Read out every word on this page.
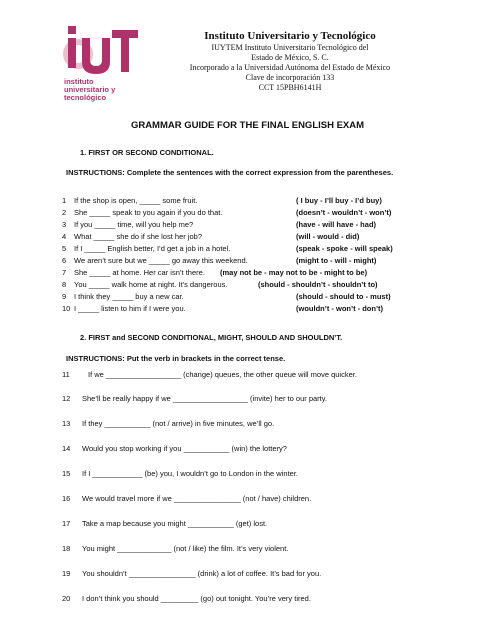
instituto
universitario y
tecnológico
Instituto Universitario y Tecnológico
IUYTEM Instituto Universitario Tecnológico del
Estado de México, S. C.
Incorporado a la Universidad Autónoma del Estado de México
Clave de incorporación 133
CCT 15PBH6141H
GRAMMAR GUIDE FOR THE FINAL ENGLISH EXAM
1. FIRST OR SECOND CONDITIONAL.
INSTRUCTIONS: Complete the sentences with the correct expression from the parentheses.
1	If the shop is open, _____ some fruit.	( I buy - I’ll buy - I’d buy)
2	She _____ speak to you again if you do that.	(doesn’t - wouldn’t - won’t)
3	If you _____ time, will you help me?	(have - will have - had)
4	What _____ she do if she lost her job?	(will - would - did)
5	If I _____ English better, I’d get a job in a hotel.	(speak - spoke - will speak)
6	We aren’t sure but we _____ go away this weekend.	(might to - will - might)
7	She _____ at home. Her car isn’t there. (may not be - may not to be - might to be)
8	You _____ walk home at night. It’s dangerous.	(should - shouldn’t - shouldn’t to)
9	I think they _____ buy a new car.	(should - should to - must)
10 I _____ listen to him if I were you.	(wouldn’t - won’t - don’t)
2. FIRST and SECOND CONDITIONAL, MIGHT, SHOULD AND SHOULDN’T.
INSTRUCTIONS: Put the verb in brackets in the correct tense.
11	If we __________________ (change) queues, the other queue will move quicker.
12	She’ll be really happy if we __________________ (invite) her to our party.
13	If they ___________ (not / arrive) in five minutes, we’ll go.
14	Would you stop working if you ___________ (win) the lottery?
15	If I ____________ (be) you, I wouldn’t go to London in the winter.
16	We would travel more if we ________________ (not / have) children.
17	Take a map because you might ___________ (get) lost.
18	You might _____________ (not / like) the film. It’s very violent.
19	You shouldn’t ________________ (drink) a lot of coffee. It’s bad for you.
20	I don’t think you should _________ (go) out tonight. You’re very tired.
